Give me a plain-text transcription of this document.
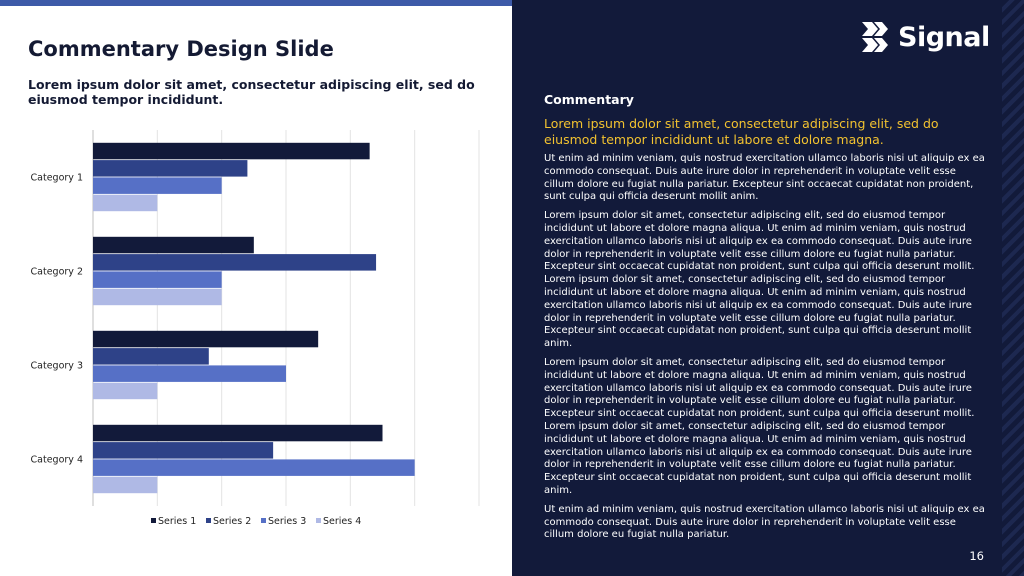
Commentary Design Slide
Lorem ipsum dolor sit amet, consectetur adipiscing elit, sed do eiusmod tempor incididunt.
Category 1
Category 2
Category 3
Category 4
Series 1 Series 2 Series 3 Series 4
Signal
Commentary
Lorem ipsum dolor sit amet, consectetur adipiscing elit, sed do eiusmod tempor incididunt ut labore et dolore magna.

Ut enim ad minim veniam, quis nostrud exercitation ullamco laboris nisi ut aliquip ex ea commodo consequat. Duis aute irure dolor in reprehenderit in voluptate velit esse cillum dolore eu fugiat nulla pariatur. Excepteur sint occaecat cupidatat non proident, sunt culpa qui officia deserunt mollit anim.

Lorem ipsum dolor sit amet, consectetur adipiscing elit, sed do eiusmod tempor incididunt ut labore et dolore magna aliqua. Ut enim ad minim veniam, quis nostrud exercitation ullamco laboris nisi ut aliquip ex ea commodo consequat. Duis aute irure dolor in reprehenderit in voluptate velit esse cillum dolore eu fugiat nulla pariatur. Excepteur sint occaecat cupidatat non proident, sunt culpa qui officia deserunt mollit. Lorem ipsum dolor sit amet, consectetur adipiscing elit, sed do eiusmod tempor incididunt ut labore et dolore magna aliqua. Ut enim ad minim veniam, quis nostrud exercitation ullamco laboris nisi ut aliquip ex ea commodo consequat. Duis aute irure dolor in reprehenderit in voluptate velit esse cillum dolore eu fugiat nulla pariatur. Excepteur sint occaecat cupidatat non proident, sunt culpa qui officia deserunt mollit anim.

Lorem ipsum dolor sit amet, consectetur adipiscing elit, sed do eiusmod tempor incididunt ut labore et dolore magna aliqua. Ut enim ad minim veniam, quis nostrud exercitation ullamco laboris nisi ut aliquip ex ea commodo consequat. Duis aute irure dolor in reprehenderit in voluptate velit esse cillum dolore eu fugiat nulla pariatur. Excepteur sint occaecat cupidatat non proident, sunt culpa qui officia deserunt mollit. Lorem ipsum dolor sit amet, consectetur adipiscing elit, sed do eiusmod tempor incididunt ut labore et dolore magna aliqua. Ut enim ad minim veniam, quis nostrud exercitation ullamco laboris nisi ut aliquip ex ea commodo consequat. Duis aute irure dolor in reprehenderit in voluptate velit esse cillum dolore eu fugiat nulla pariatur. Excepteur sint occaecat cupidatat non proident, sunt culpa qui officia deserunt mollit anim.

Ut enim ad minim veniam, quis nostrud exercitation ullamco laboris nisi ut aliquip ex ea commodo consequat. Duis aute irure dolor in reprehenderit in voluptate velit esse cillum dolore eu fugiat nulla pariatur.

16
